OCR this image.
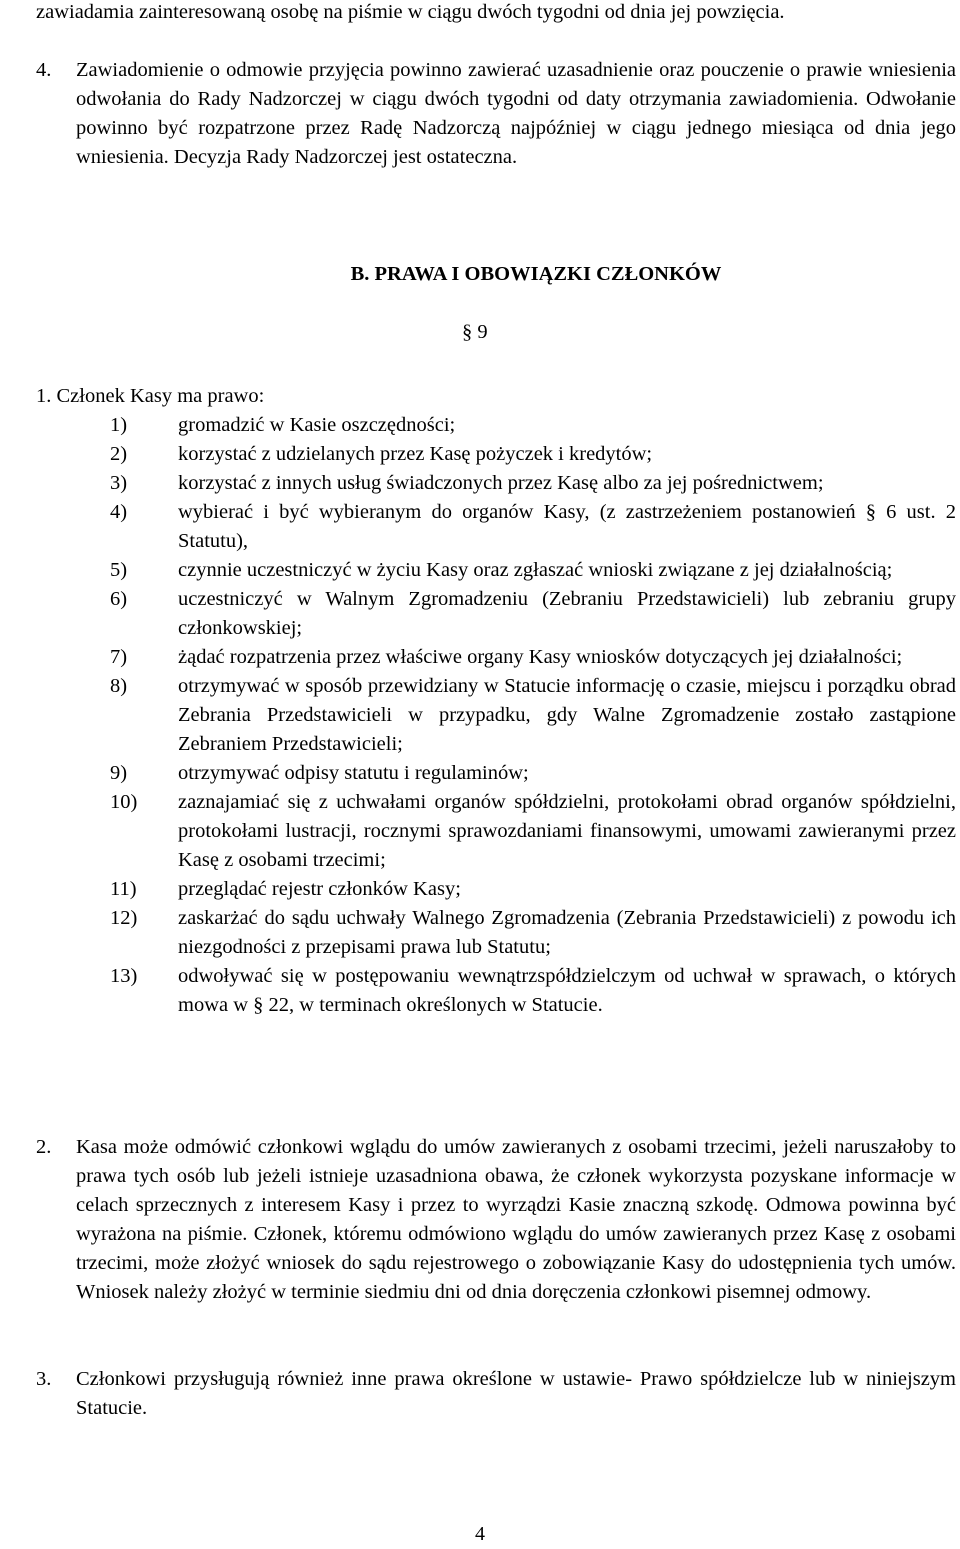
zawiadamia zainteresowaną osobę na piśmie w ciągu dwóch tygodni od dnia jej powzięcia.

4. Zawiadomienie o odmowie przyjęcia powinno zawierać uzasadnienie oraz pouczenie o prawie wniesienia odwołania do Rady Nadzorczej w ciągu dwóch tygodni od daty otrzymania zawiadomienia. Odwołanie powinno być rozpatrzone przez Radę Nadzorczą najpóźniej w ciągu jednego miesiąca od dnia jego wniesienia. Decyzja Rady Nadzorczej jest ostateczna.

B. PRAWA I OBOWIĄZKI CZŁONKÓW
§ 9
1. Członek Kasy ma prawo:
1) gromadzić w Kasie oszczędności;
2) korzystać z udzielanych przez Kasę pożyczek i kredytów;
3) korzystać z innych usług świadczonych przez Kasę albo za jej pośrednictwem;
4) wybierać i być wybieranym do organów Kasy, (z zastrzeżeniem postanowień § 6 ust. 2 Statutu),
5) czynnie uczestniczyć w życiu Kasy oraz zgłaszać wnioski związane z jej działalnością;
6) uczestniczyć w Walnym Zgromadzeniu (Zebraniu Przedstawicieli) lub zebraniu grupy członkowskiej;
7) żądać rozpatrzenia przez właściwe organy Kasy wniosków dotyczących jej działalności;
8) otrzymywać w sposób przewidziany w Statucie informację o czasie, miejscu i porządku obrad Zebrania Przedstawicieli w przypadku, gdy Walne Zgromadzenie zostało zastąpione Zebraniem Przedstawicieli;
9) otrzymywać odpisy statutu i regulaminów;
10) zaznajamiać się z uchwałami organów spółdzielni, protokołami obrad organów spółdzielni, protokołami lustracji, rocznymi sprawozdaniami finansowymi, umowami zawieranymi przez Kasę z osobami trzecimi;
11) przeglądać rejestr członków Kasy;
12) zaskarżać do sądu uchwały Walnego Zgromadzenia (Zebrania Przedstawicieli) z powodu ich niezgodności z przepisami prawa lub Statutu;
13) odwoływać się w postępowaniu wewnątrzspółdzielczym od uchwał w sprawach, o których mowa w § 22, w terminach określonych w Statucie.
2. Kasa może odmówić członkowi wglądu do umów zawieranych z osobami trzecimi, jeżeli naruszałoby to prawa tych osób lub jeżeli istnieje uzasadniona obawa, że członek wykorzysta pozyskane informacje w celach sprzecznych z interesem Kasy i przez to wyrządzi Kasie znaczną szkodę. Odmowa powinna być wyrażona na piśmie. Członek, któremu odmówiono wglądu do umów zawieranych przez Kasę z osobami trzecimi, może złożyć wniosek do sądu rejestrowego o zobowiązanie Kasy do udostępnienia tych umów. Wniosek należy złożyć w terminie siedmiu dni od dnia doręczenia członkowi pisemnej odmowy.

3. Członkowi przysługują również inne prawa określone w ustawie- Prawo spółdzielcze lub w niniejszym Statucie.

4
